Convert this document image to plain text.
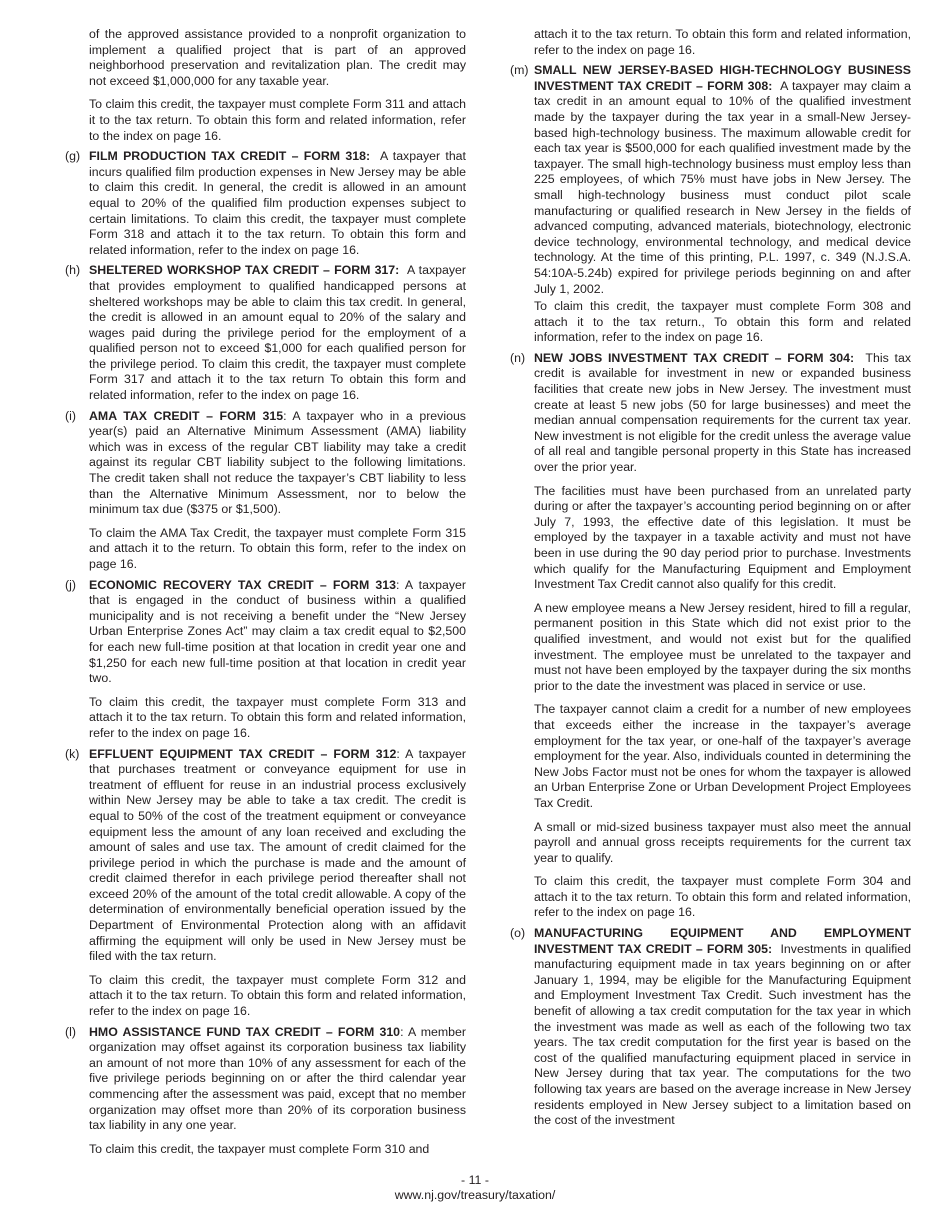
of the approved assistance provided to a nonprofit organization to implement a qualified project that is part of an approved neighborhood preservation and revitalization plan. The credit may not exceed $1,000,000 for any taxable year.

To claim this credit, the taxpayer must complete Form 311 and attach it to the tax return. To obtain this form and related information, refer to the index on page 16.

(g) FILM PRODUCTION TAX CREDIT – FORM 318: A taxpayer that incurs qualified film production expenses in New Jersey may be able to claim this credit. In general, the credit is allowed in an amount equal to 20% of the qualified film production expenses subject to certain limitations. To claim this credit, the taxpayer must complete Form 318 and attach it to the tax return. To obtain this form and related information, refer to the index on page 16.

(h) SHELTERED WORKSHOP TAX CREDIT – FORM 317: A taxpayer that provides employment to qualified handicapped persons at sheltered workshops may be able to claim this tax credit. In general, the credit is allowed in an amount equal to 20% of the salary and wages paid during the privilege period for the employment of a qualified person not to exceed $1,000 for each qualified person for the privilege period. To claim this credit, the taxpayer must complete Form 317 and attach it to the tax return To obtain this form and related information, refer to the index on page 16.

(i) AMA TAX CREDIT – FORM 315: A taxpayer who in a previous year(s) paid an Alternative Minimum Assessment (AMA) liability which was in excess of the regular CBT liability may take a credit against its regular CBT liability subject to the following limitations. The credit taken shall not reduce the taxpayer’s CBT liability to less than the Alternative Minimum Assessment, nor to below the minimum tax due ($375 or $1,500).

To claim the AMA Tax Credit, the taxpayer must complete Form 315 and attach it to the return. To obtain this form, refer to the index on page 16.

(j) ECONOMIC RECOVERY TAX CREDIT – FORM 313: A taxpayer that is engaged in the conduct of business within a qualified municipality and is not receiving a benefit under the “New Jersey Urban Enterprise Zones Act” may claim a tax credit equal to $2,500 for each new full-time position at that location in credit year one and $1,250 for each new full-time position at that location in credit year two.

To claim this credit, the taxpayer must complete Form 313 and attach it to the tax return. To obtain this form and related information, refer to the index on page 16.

(k) EFFLUENT EQUIPMENT TAX CREDIT – FORM 312: A taxpayer that purchases treatment or conveyance equipment for use in treatment of effluent for reuse in an industrial process exclusively within New Jersey may be able to take a tax credit. The credit is equal to 50% of the cost of the treatment equipment or conveyance equipment less the amount of any loan received and excluding the amount of sales and use tax. The amount of credit claimed for the privilege period in which the purchase is made and the amount of credit claimed therefor in each privilege period thereafter shall not exceed 20% of the amount of the total credit allowable. A copy of the determination of environmentally beneficial operation issued by the Department of Environmental Protection along with an affidavit affirming the equipment will only be used in New Jersey must be filed with the tax return.

To claim this credit, the taxpayer must complete Form 312 and attach it to the tax return. To obtain this form and related information, refer to the index on page 16.

(l) HMO ASSISTANCE FUND TAX CREDIT – FORM 310: A member organization may offset against its corporation business tax liability an amount of not more than 10% of any assessment for each of the five privilege periods beginning on or after the third calendar year commencing after the assessment was paid, except that no member organization may offset more than 20% of its corporation business tax liability in any one year.

To claim this credit, the taxpayer must complete Form 310 and

attach it to the tax return. To obtain this form and related information, refer to the index on page 16.

(m) SMALL NEW JERSEY-BASED HIGH-TECHNOLOGY BUSINESS INVESTMENT TAX CREDIT – FORM 308: A taxpayer may claim a tax credit in an amount equal to 10% of the qualified investment made by the taxpayer during the tax year in a small-New Jersey-based high-technology business. The maximum allowable credit for each tax year is $500,000 for each qualified investment made by the taxpayer. The small high-technology business must employ less than 225 employees, of which 75% must have jobs in New Jersey. The small high-technology business must conduct pilot scale manufacturing or qualified research in New Jersey in the fields of advanced computing, advanced materials, biotechnology, electronic device technology, environmental technology, and medical device technology. At the time of this printing, P.L. 1997, c. 349 (N.J.S.A. 54:10A-5.24b) expired for privilege periods beginning on and after July 1, 2002.

To claim this credit, the taxpayer must complete Form 308 and attach it to the tax return., To obtain this form and related information, refer to the index on page 16.

(n) NEW JOBS INVESTMENT TAX CREDIT – FORM 304: This tax credit is available for investment in new or expanded business facilities that create new jobs in New Jersey. The investment must create at least 5 new jobs (50 for large businesses) and meet the median annual compensation requirements for the current tax year. New investment is not eligible for the credit unless the average value of all real and tangible personal property in this State has increased over the prior year.

The facilities must have been purchased from an unrelated party during or after the taxpayer’s accounting period beginning on or after July 7, 1993, the effective date of this legislation. It must be employed by the taxpayer in a taxable activity and must not have been in use during the 90 day period prior to purchase. Investments which qualify for the Manufacturing Equipment and Employment Investment Tax Credit cannot also qualify for this credit.

A new employee means a New Jersey resident, hired to fill a regular, permanent position in this State which did not exist prior to the qualified investment, and would not exist but for the qualified investment. The employee must be unrelated to the taxpayer and must not have been employed by the taxpayer during the six months prior to the date the investment was placed in service or use.

The taxpayer cannot claim a credit for a number of new employees that exceeds either the increase in the taxpayer’s average employment for the tax year, or one-half of the taxpayer’s average employment for the year. Also, individuals counted in determining the New Jobs Factor must not be ones for whom the taxpayer is allowed an Urban Enterprise Zone or Urban Development Project Employees Tax Credit.

A small or mid-sized business taxpayer must also meet the annual payroll and annual gross receipts requirements for the current tax year to qualify.

To claim this credit, the taxpayer must complete Form 304 and attach it to the tax return. To obtain this form and related information, refer to the index on page 16.

(o) MANUFACTURING EQUIPMENT AND EMPLOYMENT INVESTMENT TAX CREDIT – FORM 305: Investments in qualified manufacturing equipment made in tax years beginning on or after January 1, 1994, may be eligible for the Manufacturing Equipment and Employment Investment Tax Credit. Such investment has the benefit of allowing a tax credit computation for the tax year in which the investment was made as well as each of the following two tax years. The tax credit computation for the first year is based on the cost of the qualified manufacturing equipment placed in service in New Jersey during that tax year. The computations for the two following tax years are based on the average increase in New Jersey residents employed in New Jersey subject to a limitation based on the cost of the investment

- 11 -
www.nj.gov/treasury/taxation/
